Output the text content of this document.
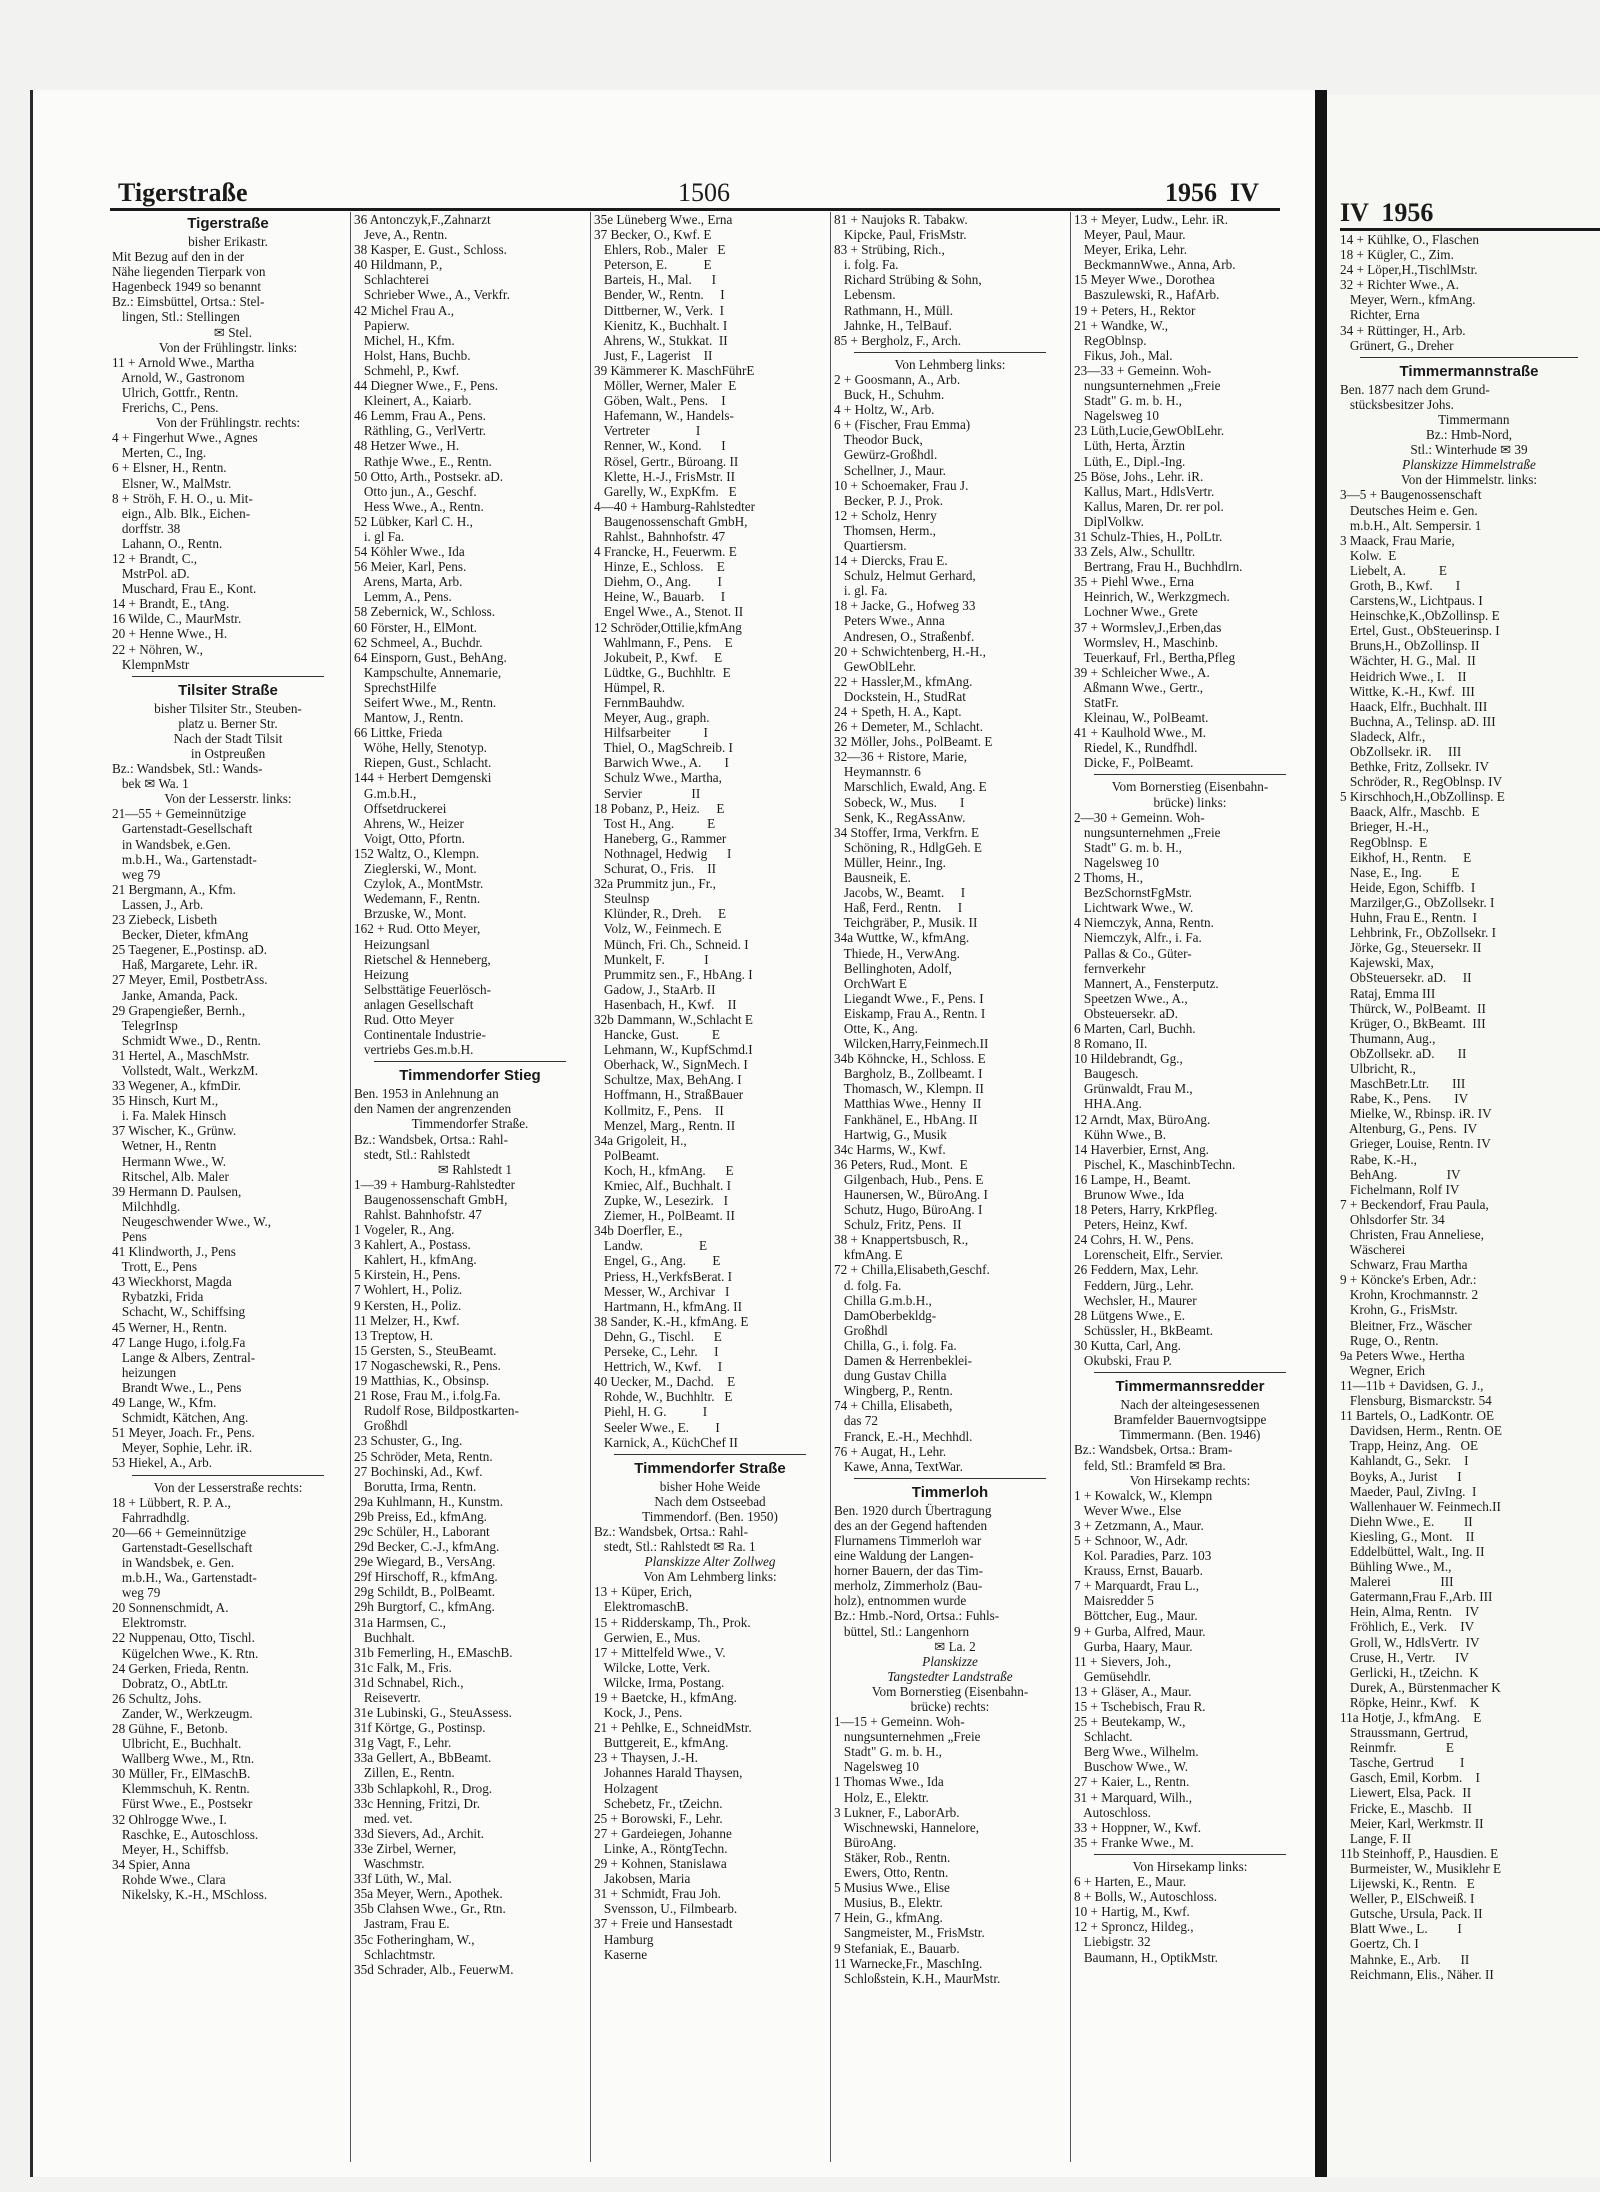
Tigerstraße	1506	1956  IV
IV  1956
Tigerstraße
bisher Erikastr.
Mit Bezug auf den in der
Nähe liegenden Tierpark von
Hagenbeck 1949 so benannt
Bz.: Eimsbüttel, Ortsa.: Stel-
lingen, Stl.: Stellingen
✉ Stel.
Von der Frühlingstr. links:
11 + Arnold Wwe., Martha
Arnold, W., Gastronom
Ulrich, Gottfr., Rentn.
Frerichs, C., Pens.
Von der Frühlingstr. rechts:
4 + Fingerhut Wwe., Agnes
Merten, C., Ing.
6 + Elsner, H., Rentn.
Elsner, W., MalMstr.
8 + Ströh, F. H. O., u. Mit-
eign., Alb. Blk., Eichen-
dorffstr. 38
Lahann, O., Rentn.
12 + Brandt, C.,
MstrPol. aD.
Muschard, Frau E., Kont.
14 + Brandt, E., tAng.
16 Wilde, C., MaurMstr.
20 + Henne Wwe., H.
22 + Nöhren, W.,
KlempnMstr
Tilsiter Straße
bisher Tilsiter Str., Steuben-
platz u. Berner Str.
Nach der Stadt Tilsit
in Ostpreußen
Bz.: Wandsbek, Stl.: Wands-
bek ✉ Wa. 1
Von der Lesserstr. links:
21—55 + Gemeinnützige
Gartenstadt-Gesellschaft
in Wandsbek, e.Gen.
m.b.H., Wa., Gartenstadt-
weg 79
21 Bergmann, A., Kfm.
Lassen, J., Arb.
23 Ziebeck, Lisbeth
Becker, Dieter, kfmAng
25 Taegener, E.,Postinsp. aD.
Haß, Margarete, Lehr. iR.
27 Meyer, Emil, PostbetrAss.
Janke, Amanda, Pack.
29 Grapengießer, Bernh.,
TelegrInsp
Schmidt Wwe., D., Rentn.
31 Hertel, A., MaschMstr.
Vollstedt, Walt., WerkzM.
33 Wegener, A., kfmDir.
35 Hinsch, Kurt M.,
i. Fa. Malek Hinsch
37 Wischer, K., Grünw.
Wetner, H., Rentn
Hermann Wwe., W.
Ritschel, Alb. Maler
39 Hermann D. Paulsen,
Milchhdlg.
Neugeschwender Wwe., W.,
Pens
41 Klindworth, J., Pens
Trott, E., Pens
43 Wieckhorst, Magda
Rybatzki, Frida
Schacht, W., Schiffsing
45 Werner, H., Rentn.
47 Lange Hugo, i.folg.Fa
Lange & Albers, Zentral-
heizungen
Brandt Wwe., L., Pens
49 Lange, W., Kfm.
Schmidt, Kätchen, Ang.
51 Meyer, Joach. Fr., Pens.
Meyer, Sophie, Lehr. iR.
53 Hiekel, A., Arb.
Von der Lesserstraße rechts:
18 + Lübbert, R. P. A.,
Fahrradhdlg.
20—66 + Gemeinnützige
Gartenstadt-Gesellschaft
in Wandsbek, e. Gen.
m.b.H., Wa., Gartenstadt-
weg 79
20 Sonnenschmidt, A.
Elektromstr.
22 Nuppenau, Otto, Tischl.
Kügelchen Wwe., K. Rtn.
24 Gerken, Frieda, Rentn.
Dobratz, O., AbtLtr.
26 Schultz, Johs.
Zander, W., Werkzeugm.
28 Gühne, F., Betonb.
Ulbricht, E., Buchhalt.
Wallberg Wwe., M., Rtn.
30 Müller, Fr., ElMaschB.
Klemmschuh, K. Rentn.
Fürst Wwe., E., Postsekr
32 Ohlrogge Wwe., I.
Raschke, E., Autoschloss.
Meyer, H., Schiffsb.
34 Spier, Anna
Rohde Wwe., Clara
Nikelsky, K.-H., MSchloss.
36 Antonczyk,F.,Zahnarzt
Jeve, A., Rentn.
38 Kasper, E. Gust., Schloss.
40 Hildmann, P.,
Schlachterei
Schrieber Wwe., A., Verkfr.
42 Michel Frau A.,
Papierw.
Michel, H., Kfm.
Holst, Hans, Buchb.
Schmehl, P., Kwf.
44 Diegner Wwe., F., Pens.
Kleinert, A., Kaiarb.
46 Lemm, Frau A., Pens.
Räthling, G., VerlVertr.
48 Hetzer Wwe., H.
Rathje Wwe., E., Rentn.
50 Otto, Arth., Postsekr. aD.
Otto jun., A., Geschf.
Hess Wwe., A., Rentn.
52 Lübker, Karl C. H.,
i. gl Fa.
54 Köhler Wwe., Ida
56 Meier, Karl, Pens.
Arens, Marta, Arb.
Lemm, A., Pens.
58 Zebernick, W., Schloss.
60 Förster, H., ElMont.
62 Schmeel, A., Buchdr.
64 Einsporn, Gust., BehAng.
Kampschulte, Annemarie,
SprechstHilfe
Seifert Wwe., M., Rentn.
Mantow, J., Rentn.
66 Littke, Frieda
Wöhe, Helly, Stenotyp.
Riepen, Gust., Schlacht.
144 + Herbert Demgenski
G.m.b.H.,
Offsetdruckerei
Ahrens, W., Heizer
Voigt, Otto, Pfortn.
152 Waltz, O., Klempn.
Zieglerski, W., Mont.
Czylok, A., MontMstr.
Wedemann, F., Rentn.
Brzuske, W., Mont.
162 + Rud. Otto Meyer,
Heizungsanl
Rietschel & Henneberg,
Heizung
Selbsttätige Feuerlösch-
anlagen Gesellschaft
Rud. Otto Meyer
Continentale Industrie-
vertriebs Ges.m.b.H.
Timmendorfer Stieg
Ben. 1953 in Anlehnung an
den Namen der angrenzenden
Timmendorfer Straße.
Bz.: Wandsbek, Ortsa.: Rahl-
stedt, Stl.: Rahlstedt
✉ Rahlstedt 1
1—39 + Hamburg-Rahlstedter
Baugenossenschaft GmbH,
Rahlst. Bahnhofstr. 47
1 Vogeler, R., Ang.
3 Kahlert, A., Postass.
Kahlert, H., kfmAng.
5 Kirstein, H., Pens.
7 Wohlert, H., Poliz.
9 Kersten, H., Poliz.
11 Melzer, H., Kwf.
13 Treptow, H.
15 Gersten, S., SteuBeamt.
17 Nogaschewski, R., Pens.
19 Matthias, K., Obsinsp.
21 Rose, Frau M., i.folg.Fa.
Rudolf Rose, Bildpostkarten-
Großhdl
23 Schuster, G., Ing.
25 Schröder, Meta, Rentn.
27 Bochinski, Ad., Kwf.
Borutta, Irma, Rentn.
29a Kuhlmann, H., Kunstm.
29b Preiss, Ed., kfmAng.
29c Schüler, H., Laborant
29d Becker, C.-J., kfmAng.
29e Wiegard, B., VersAng.
29f Hirschoff, R., kfmAng.
29g Schildt, B., PolBeamt.
29h Burgtorf, C., kfmAng.
31a Harmsen, C.,
Buchhalt.
31b Femerling, H., EMaschB.
31c Falk, M., Fris.
31d Schnabel, Rich.,
Reisevertr.
31e Lubinski, G., SteuAssess.
31f Körtge, G., Postinsp.
31g Vagt, F., Lehr.
33a Gellert, A., BbBeamt.
Zillen, E., Rentn.
33b Schlapkohl, R., Drog.
33c Henning, Fritzi, Dr.
med. vet.
33d Sievers, Ad., Archit.
33e Zirbel, Werner,
Waschmstr.
33f Lüth, W., Mal.
35a Meyer, Wern., Apothek.
35b Clahsen Wwe., Gr., Rtn.
Jastram, Frau E.
35c Fotheringham, W.,
Schlachtmstr.
35d Schrader, Alb., FeuerwM.
35e Lüneberg Wwe., Erna
37 Becker, O., Kwf. E
Ehlers, Rob., Maler   E
Peterson, E.           E
Barteis, H., Mal.      I
Bender, W., Rentn.     I
Dittberner, W., Verk.  I
Kienitz, K., Buchhalt. I
Ahrens, W., Stukkat.  II
Just, F., Lagerist    II
39 Kämmerer K. MaschFührE
Möller, Werner, Maler  E
Göben, Walt., Pens.    I
Hafemann, W., Handels-
Vertreter              I
Renner, W., Kond.      I
Rösel, Gertr., Büroang. II
Klette, H.-J., FrisMstr. II
Garelly, W., ExpKfm.   E
4—40 + Hamburg-Rahlstedter
Baugenossenschaft GmbH,
Rahlst., Bahnhofstr. 47
4 Francke, H., Feuerwm. E
Hinze, E., Schloss.    E
Diehm, O., Ang.        I
Heine, W., Bauarb.     I
Engel Wwe., A., Stenot. II
12 Schröder,Ottilie,kfmAng
Wahlmann, F., Pens.    E
Jokubeit, P., Kwf.     E
Lüdtke, G., Buchhltr.  E
Hümpel, R.
FernmBauhdw.
Meyer, Aug., graph.
Hilfsarbeiter          I
Thiel, O., MagSchreib. I
Barwich Wwe., A.       I
Schulz Wwe., Martha,
Servier               II
18 Pobanz, P., Heiz.     E
Tost H., Ang.          E
Haneberg, G., Rammer
Nothnagel, Hedwig      I
Schurat, O., Fris.    II
32a Prummitz jun., Fr.,
Steulnsp
Klünder, R., Dreh.     E
Volz, W., Feinmech. E
Münch, Fri. Ch., Schneid. I
Munkelt, F.            I
Prummitz sen., F., HbAng. I
Gadow, J., StaArb. II
Hasenbach, H., Kwf.    II
32b Dammann, W.,Schlacht E
Hancke, Gust.          E
Lehmann, W., KupfSchmd.I
Oberhack, W., SignMech. I
Schultze, Max, BehAng. I
Hoffmann, H., StraßBauer
Kollmitz, F., Pens.    II
Menzel, Marg., Rentn. II
34a Grigoleit, H.,
PolBeamt.
Koch, H., kfmAng.      E
Kmiec, Alf., Buchhalt. I
Zupke, W., Lesezirk.   I
Ziemer, H., PolBeamt. II
34b Doerfler, E.,
Landw.                 E
Engel, G., Ang.        E
Priess, H.,VerkfsBerat. I
Messer, W., Archivar   I
Hartmann, H., kfmAng. II
38 Sander, K.-H., kfmAng. E
Dehn, G., Tischl.      E
Perseke, C., Lehr.     I
Hettrich, W., Kwf.     I
40 Uecker, M., Dachd.    E
Rohde, W., Buchhltr.   E
Piehl, H. G.           I
Seeler Wwe., E.        I
Karnick, A., KüchChef II
Timmendorfer Straße
bisher Hohe Weide
Nach dem Ostseebad
Timmendorf. (Ben. 1950)
Bz.: Wandsbek, Ortsa.: Rahl-
stedt, Stl.: Rahlstedt ✉ Ra. 1
Planskizze Alter Zollweg
Von Am Lehmberg links:
13 + Küper, Erich,
ElektromaschB.
15 + Ridderskamp, Th., Prok.
Gerwien, E., Mus.
17 + Mittelfeld Wwe., V.
Wilcke, Lotte, Verk.
Wilcke, Irma, Postang.
19 + Baetcke, H., kfmAng.
Kock, J., Pens.
21 + Pehlke, E., SchneidMstr.
Buttgereit, E., kfmAng.
23 + Thaysen, J.-H.
Johannes Harald Thaysen,
Holzagent
Schebetz, Fr., tZeichn.
25 + Borowski, F., Lehr.
27 + Gardeiegen, Johanne
Linke, A., RöntgTechn.
29 + Kohnen, Stanislawa
Jakobsen, Maria
31 + Schmidt, Frau Joh.
Svensson, U., Filmbearb.
37 + Freie und Hansestadt
Hamburg
Kaserne
81 + Naujoks R. Tabakw.
Kipcke, Paul, FrisMstr.
83 + Strübing, Rich.,
i. folg. Fa.
Richard Strübing & Sohn,
Lebensm.
Rathmann, H., Müll.
Jahnke, H., TelBauf.
85 + Bergholz, F., Arch.
Von Lehmberg links:
2 + Goosmann, A., Arb.
Buck, H., Schuhm.
4 + Holtz, W., Arb.
6 + (Fischer, Frau Emma)
Theodor Buck,
Gewürz-Großhdl.
Schellner, J., Maur.
10 + Schoemaker, Frau J.
Becker, P. J., Prok.
12 + Scholz, Henry
Thomsen, Herm.,
Quartiersm.
14 + Diercks, Frau E.
Schulz, Helmut Gerhard,
i. gl. Fa.
18 + Jacke, G., Hofweg 33
Peters Wwe., Anna
Andresen, O., Straßenbf.
20 + Schwichtenberg, H.-H.,
GewOblLehr.
22 + Hassler,M., kfmAng.
Dockstein, H., StudRat
24 + Speth, H. A., Kapt.
26 + Demeter, M., Schlacht.
32 Möller, Johs., PolBeamt. E
32—36 + Ristore, Marie,
Heymannstr. 6
Marschlich, Ewald, Ang. E
Sobeck, W., Mus.       I
Senk, K., RegAssAnw.
34 Stoffer, Irma, Verkfrn. E
Schöning, R., HdlgGeh. E
Müller, Heinr., Ing.
Bausneik, E.
Jacobs, W., Beamt.     I
Haß, Ferd., Rentn.     I
Teichgräber, P., Musik. II
34a Wuttke, W., kfmAng.
Thiede, H., VerwAng.
Bellinghoten, Adolf,
OrchWart E
Liegandt Wwe., F., Pens. I
Eiskamp, Frau A., Rentn. I
Otte, K., Ang.
Wilcken,Harry,Feinmech.II
34b Köhncke, H., Schloss. E
Bargholz, B., Zollbeamt. I
Thomasch, W., Klempn. II
Matthias Wwe., Henny  II
Fankhänel, E., HbAng. II
Hartwig, G., Musik
34c Harms, W., Kwf.
36 Peters, Rud., Mont.  E
Gilgenbach, Hub., Pens. E
Haunersen, W., BüroAng. I
Schutz, Hugo, BüroAng. I
Schulz, Fritz, Pens.  II
38 + Knappertsbusch, R.,
kfmAng. E
72 + Chilla,Elisabeth,Geschf.
d. folg. Fa.
Chilla G.m.b.H.,
DamOberbekldg-
Großhdl
Chilla, G., i. folg. Fa.
Damen & Herrenbeklei-
dung Gustav Chilla
Wingberg, P., Rentn.
74 + Chilla, Elisabeth,
das 72
Franck, E.-H., Mechhdl.
76 + Augat, H., Lehr.
Kawe, Anna, TextWar.
Timmerloh
Ben. 1920 durch Übertragung
des an der Gegend haftenden
Flurnamens Timmerloh war
eine Waldung der Langen-
horner Bauern, der das Tim-
merholz, Zimmerholz (Bau-
holz), entnommen wurde
Bz.: Hmb.-Nord, Ortsa.: Fuhls-
büttel, Stl.: Langenhorn
✉ La. 2
Planskizze
Tangstedter Landstraße
Vom Bornerstieg (Eisenbahn-
brücke) rechts:
1—15 + Gemeinn. Woh-
nungsunternehmen „Freie
Stadt" G. m. b. H.,
Nagelsweg 10
1 Thomas Wwe., Ida
Holz, E., Elektr.
3 Lukner, F., LaborArb.
Wischnewski, Hannelore,
BüroAng.
Stäker, Rob., Rentn.
Ewers, Otto, Rentn.
5 Musius Wwe., Elise
Musius, B., Elektr.
7 Hein, G., kfmAng.
Sangmeister, M., FrisMstr.
9 Stefaniak, E., Bauarb.
11 Warnecke,Fr., MaschIng.
Schloßstein, K.H., MaurMstr.
13 + Meyer, Ludw., Lehr. iR.
Meyer, Paul, Maur.
Meyer, Erika, Lehr.
BeckmannWwe., Anna, Arb.
15 Meyer Wwe., Dorothea
Baszulewski, R., HafArb.
19 + Peters, H., Rektor
21 + Wandke, W.,
RegOblnsp.
Fikus, Joh., Mal.
23—33 + Gemeinn. Woh-
nungsunternehmen „Freie
Stadt" G. m. b. H.,
Nagelsweg 10
23 Lüth,Lucie,GewOblLehr.
Lüth, Herta, Ärztin
Lüth, E., Dipl.-Ing.
25 Böse, Johs., Lehr. iR.
Kallus, Mart., HdlsVertr.
Kallus, Maren, Dr. rer pol.
DiplVolkw.
31 Schulz-Thies, H., PolLtr.
33 Zels, Alw., Schulltr.
Bertrang, Frau H., Buchhdlrn.
35 + Piehl Wwe., Erna
Heinrich, W., Werkzgmech.
Lochner Wwe., Grete
37 + Wormslev,J.,Erben,das
Wormslev, H., Maschinb.
Teuerkauf, Frl., Bertha,Pfleg
39 + Schleicher Wwe., A.
Aßmann Wwe., Gertr.,
StatFr.
Kleinau, W., PolBeamt.
41 + Kaulhold Wwe., M.
Riedel, K., Rundfhdl.
Dicke, F., PolBeamt.
Vom Bornerstieg (Eisenbahn-
brücke) links:
2—30 + Gemeinn. Woh-
nungsunternehmen „Freie
Stadt" G. m. b. H.,
Nagelsweg 10
2 Thoms, H.,
BezSchornstFgMstr.
Lichtwark Wwe., W.
4 Niemczyk, Anna, Rentn.
Niemczyk, Alfr., i. Fa.
Pallas & Co., Güter-
fernverkehr
Mannert, A., Fensterputz.
Speetzen Wwe., A.,
Obsteuersekr. aD.
6 Marten, Carl, Buchh.
8 Romano, II.
10 Hildebrandt, Gg.,
Baugesch.
Grünwaldt, Frau M.,
HHA.Ang.
12 Arndt, Max, BüroAng.
Kühn Wwe., B.
14 Haverbier, Ernst, Ang.
Pischel, K., MaschinbTechn.
16 Lampe, H., Beamt.
Brunow Wwe., Ida
18 Peters, Harry, KrkPfleg.
Peters, Heinz, Kwf.
24 Cohrs, H. W., Pens.
Lorenscheit, Elfr., Servier.
26 Feddern, Max, Lehr.
Feddern, Jürg., Lehr.
Wechsler, H., Maurer
28 Lütgens Wwe., E.
Schüssler, H., BkBeamt.
30 Kutta, Carl, Ang.
Okubski, Frau P.
Timmermannsredder
Nach der alteingesessenen
Bramfelder Bauernvogtsippe
Timmermann. (Ben. 1946)
Bz.: Wandsbek, Ortsa.: Bram-
feld, Stl.: Bramfeld ✉ Bra.
Von Hirsekamp rechts:
1 + Kowalck, W., Klempn
Wever Wwe., Else
3 + Zetzmann, A., Maur.
5 + Schnoor, W., Adr.
Kol. Paradies, Parz. 103
Krauss, Ernst, Bauarb.
7 + Marquardt, Frau L.,
Maisredder 5
Böttcher, Eug., Maur.
9 + Gurba, Alfred, Maur.
Gurba, Haary, Maur.
11 + Sievers, Joh.,
Gemüsehdlr.
13 + Gläser, A., Maur.
15 + Tschebisch, Frau R.
25 + Beutekamp, W.,
Schlacht.
Berg Wwe., Wilhelm.
Buschow Wwe., W.
27 + Kaier, L., Rentn.
31 + Marquard, Wilh.,
Autoschloss.
33 + Hoppner, W., Kwf.
35 + Franke Wwe., M.
Von Hirsekamp links:
6 + Harten, E., Maur.
8 + Bolls, W., Autoschloss.
10 + Hartig, M., Kwf.
12 + Sproncz, Hildeg.,
Liebigstr. 32
Baumann, H., OptikMstr.
14 + Kühlke, O., Flaschen
18 + Kügler, C., Zim.
24 + Löper,H.,TischlMstr.
32 + Richter Wwe., A.
Meyer, Wern., kfmAng.
Richter, Erna
34 + Rüttinger, H., Arb.
Grünert, G., Dreher
Timmermannstraße
Ben. 1877 nach dem Grund-
stücksbesitzer Johs.
Timmermann
Bz.: Hmb-Nord,
Stl.: Winterhude ✉ 39
Planskizze Himmelstraße
Von der Himmelstr. links:
3—5 + Baugenossenschaft
Deutsches Heim e. Gen.
m.b.H., Alt. Sempersir. 1
3 Maack, Frau Marie,
Kolw.  E
Liebelt, A.          E
Groth, B., Kwf.       I
Carstens,W., Lichtpaus. I
Heinschke,K.,ObZollinsp. E
Ertel, Gust., ObSteuerinsp. I
Bruns,H., ObZollinsp. II
Wächter, H. G., Mal.  II
Heidrich Wwe., I.    II
Wittke, K.-H., Kwf.  III
Haack, Elfr., Buchhalt. III
Buchna, A., Telinsp. aD. III
Sladeck, Alfr.,
ObZollsekr. iR.     III
Bethke, Fritz, Zollsekr. IV
Schröder, R., RegOblnsp. IV
5 Kirschhoch,H.,ObZollinsp. E
Baack, Alfr., Maschb.  E
Brieger, H.-H.,
RegOblnsp.  E
Eikhof, H., Rentn.     E
Nase, E., Ing.         E
Heide, Egon, Schiffb.  I
Marzilger,G., ObZollsekr. I
Huhn, Frau E., Rentn.  I
Lehbrink, Fr., ObZollsekr. I
Jörke, Gg., Steuersekr. II
Kajewski, Max,
ObSteuersekr. aD.     II
Rataj, Emma III
Thürck, W., PolBeamt.  II
Krüger, O., BkBeamt.  III
Thumann, Aug.,
ObZollsekr. aD.       II
Ulbricht, R.,
MaschBetr.Ltr.       III
Rabe, K., Pens.       IV
Mielke, W., Rbinsp. iR. IV
Altenburg, G., Pens.  IV
Grieger, Louise, Rentn. IV
Rabe, K.-H.,
BehAng.               IV
Fichelmann, Rolf IV
7 + Beckendorf, Frau Paula,
Ohlsdorfer Str. 34
Christen, Frau Anneliese,
Wäscherei
Schwarz, Frau Martha
9 + Köncke's Erben, Adr.:
Krohn, Krochmannstr. 2
Krohn, G., FrisMstr.
Bleitner, Frz., Wäscher
Ruge, O., Rentn.
9a Peters Wwe., Hertha
Wegner, Erich
11—11b + Davidsen, G. J.,
Flensburg, Bismarckstr. 54
11 Bartels, O., LadKontr. OE
Davidsen, Herm., Rentn. OE
Trapp, Heinz, Ang.   OE
Kahlandt, G., Sekr.    I
Boyks, A., Jurist      I
Maeder, Paul, ZivIng.  I
Wallenhauer W. Feinmech.II
Diehn Wwe., E.         II
Kiesling, G., Mont.    II
Eddelbüttel, Walt., Ing. II
Bühling Wwe., M.,
Malerei               III
Gatermann,Frau F.,Arb. III
Hein, Alma, Rentn.    IV
Fröhlich, E., Verk.    IV
Groll, W., HdlsVertr.  IV
Cruse, H., Vertr.      IV
Gerlicki, H., tZeichn.  K
Durek, A., Bürstenmacher K
Röpke, Heinr., Kwf.    K
11a Hotje, J., kfmAng.    E
Straussmann, Gertrud,
Reinmfr.               E
Tasche, Gertrud        I
Gasch, Emil, Korbm.    I
Liewert, Elsa, Pack.  II
Fricke, E., Maschb.   II
Meier, Karl, Werkmstr. II
Lange, F. II
11b Steinhoff, P., Hausdien. E
Burmeister, W., Musiklehr E
Lijewski, K., Rentn.   E
Weller, P., ElSchweiß. I
Gutsche, Ursula, Pack. II
Blatt Wwe., L.         I
Goertz, Ch. I
Mahnke, E., Arb.      II
Reichmann, Elis., Näher. II
